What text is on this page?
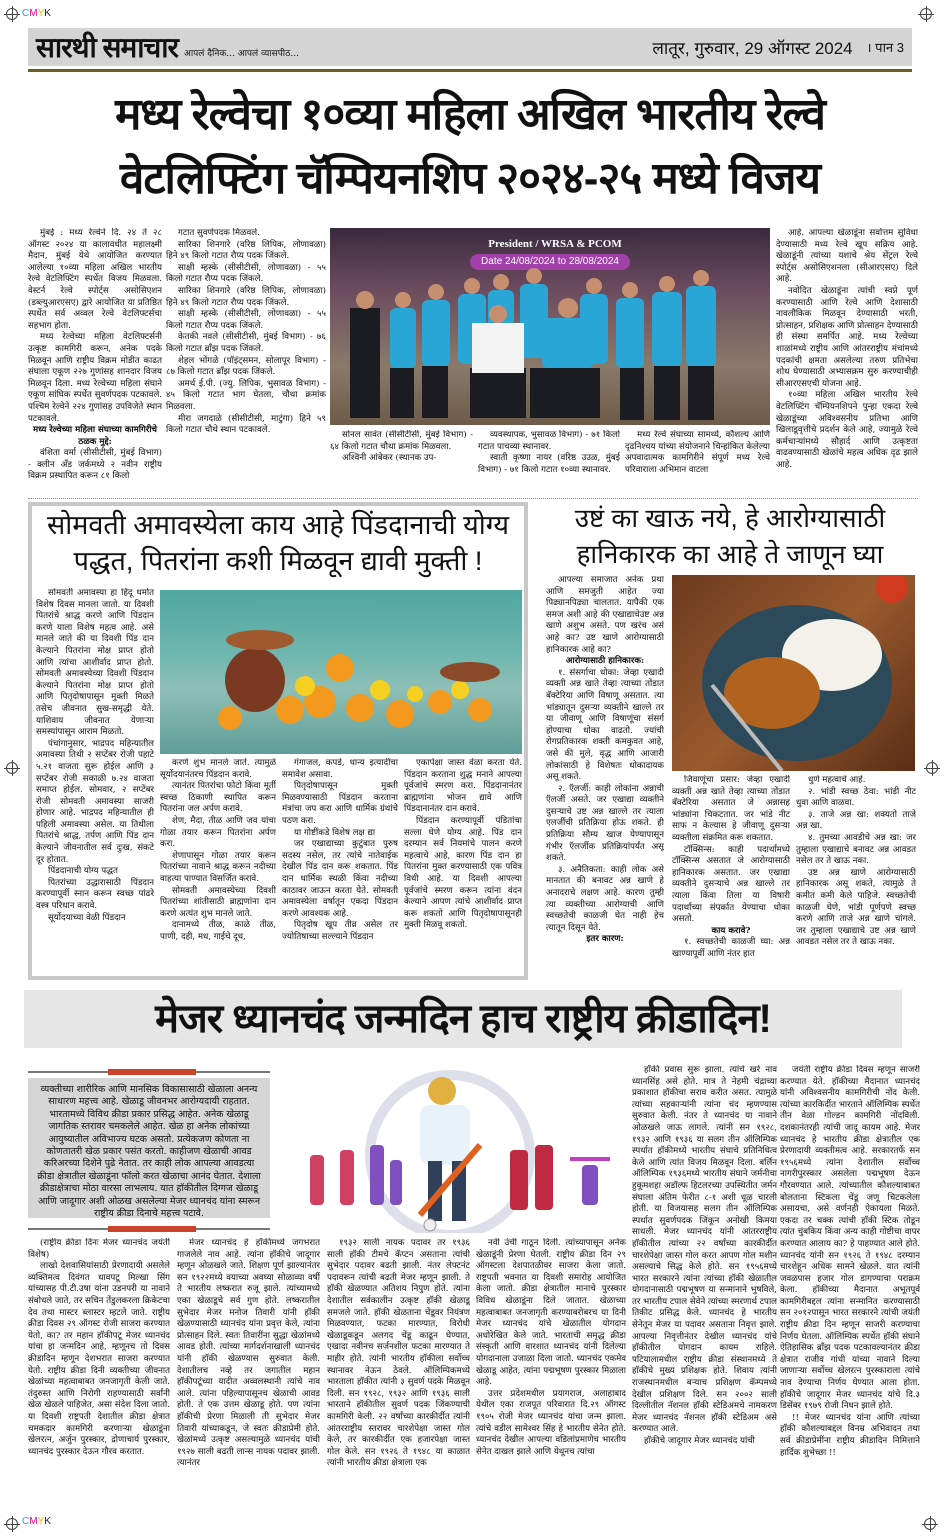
CMYK
CMYK
सारथी समाचार आपलं दैनिक... आपलं व्यासपीठ...	लातूर, गुरुवार, 29 ऑगस्ट 2024 । पान 3
मध्य रेल्वेचा १०व्या महिला अखिल भारतीय रेल्वे
वेटलिफ्टिंग चॅम्पियनशिप २०२४-२५ मध्ये विजय

मुंबई : मध्य रेल्वेने दि. २४ ते २८ ऑगस्ट २०२४ या कालावधीत महालक्ष्मी मैदान, मुंबई येथे आयोजित करण्यात आलेल्या १०व्या महिला अखिल भारतीय रेल्वे वेटलिफ्टिंग स्पर्धेत विजय मिळवला. वेस्टर्न रेल्वे स्पोर्ट्स असोसिएशन (डब्ल्युआरएसए) द्वारे आयोजित या प्रतिष्ठित स्पर्धेत सर्व अव्वल रेल्वे वेटलिफ्टर्सचा सहभाग होता.

मध्य रेल्वेच्या महिला वेटलिफ्टर्सनी उत्कृष्ट कामगिरी करून, अनेक पदके मिळवून आणि राष्ट्रीय विक्रम मोडीत काढत संघाला एकूण २२७ गुणांसह शानदार विजय मिळवून दिला. मध्य रेल्वेच्या महिला संघाने एकूण सांघिक स्पर्धेत सुवर्णपदक पटकावले. पश्चिम रेल्वेने २२४ गुणांसह उपविजेते स्थान पटकावले.

मध्य रेल्वेच्या महिला संघाच्या कामगिरीचे ठळक मुद्दे:

वंशिता वर्मा (सीसीटीसी, मुंबई विभाग) - क्लीन अँड जर्कमध्ये २ नवीन राष्ट्रीय विक्रम प्रस्थापित करून ८१ किलो

गटात सुवर्णपदक मिळवले.

सारिका शिनगारे (वरिष्ठ लिपिक, लोणावळा) हिने ४९ किलो गटात रौप्य पदक जिंकले.

साक्षी म्हस्के (सीसीटीसी, लोणावळा) - ५५ किलो गटात रौप्य पदक जिंकले.

सारिका शिनगारे (वरिष्ठ लिपिक, लोणावळा) हिने ४९ किलो गटात रौप्य पदक जिंकले.

साक्षी म्हस्के (सीसीटीसी, लोणावळा) - ५५ किलो गटात रौप्य पदक जिंकले.

केतकी नवले (सीसीटीसी, मुंबई विभाग) - ७६ किलो गटात ब्रॉंझ पदक जिंकले.

शेहल भोंगळे (पॉइंट्समन, सोलापूर विभाग) - ८७ किलो गटात ब्रॉंझ पदक जिंकले.

अमर्थ ई.पी. (ज्यु. लिपिक, भुसावळ विभाग) - ४५ किलो गटात भाग घेतला, चौथा क्रमांक मिळवला.

मीरा जगदाळे (सीसीटीसी, माटुंगा) हिने ५९ किलो गटात चौथे स्थान पटकावले.

President / WRSA & PCOM
Date 24/08/2024 to 28/08/2024

सोनल सावंत (सीसीटीसी, मुंबई विभाग) - ६४ किलो गटात चौथा क्रमांक मिळवला.

अश्विनी आंबेकर (स्थानक उप-

व्यवस्थापक, भुसावळ विभाग) - ७१ किलो गटात पाचव्या स्थानावर.

स्वाती कृष्णा नायर (वरिष्ठ उउळ, मुंबई विभाग) - ७१ किलो गटात १०व्या स्थानावर.

मध्य रेल्वे संघाच्या सामर्थ्य, कौशल्य आणि दृढनिश्चय यांच्या संयोजनाने चिन्हांकित केलेल्या अपवादात्मक कामगिरीने संपूर्ण मध्य रेल्वे परिवाराला अभिमान वाटला

आहे. आपल्या खेळाडूंना सर्वोत्तम सुविधा देण्यासाठी मध्य रेल्वे खूप सक्रिय आहे. खेळाडूंनी त्यांच्या यशाचे श्रेय सेंट्रल रेल्वे स्पोर्ट्स असोसिएशनला (सीआरएसए) दिले आहे.

नवोदित खेळाडूंना त्यांची स्वप्ने पूर्ण करण्यासाठी आणि रेल्वे आणि देशासाठी नावलौकिक मिळवून देण्यासाठी भरती, प्रोत्साहन, प्रशिक्षक आणि प्रोत्साहन देण्यासाठी ही संस्था समर्पित आहे. मध्य रेल्वेच्या शाळांमध्ये राष्ट्रीय आणि आंतरराष्ट्रीय मंचांमध्ये पदकांची क्षमता असलेल्या तरुण प्रतिभेचा शोध घेण्यासाठी अभ्यासक्रम सुरु करण्याचीही सीआरएसएची योजना आहे.

१०व्या महिला अखिल भारतीय रेल्वे वेटलिफ्टिंग चॅम्पियनशिपने पुन्हा एकदा रेल्वे खेळाडूंच्या अविश्वसनीय प्रतिभा आणि खिलाडूवृत्तीचे प्रदर्शन केले आहे, ज्यामुळे रेल्वे कर्मचाऱ्यांमध्ये सौहार्द आणि उत्कृष्टता वाढवण्यासाठी खेळांचे महत्व अधिक दृढ झाले आहे.

सोमवती अमावस्येला काय आहे पिंडदानाची योग्य
पद्धत, पितरांना कशी मिळवून द्यावी मुक्ती !

सोमवती अमावस्या हा हिंदू धर्मात विशेष दिवस मानला जातो. या दिवशी पितरांचे श्राद्ध करणे आणि पिंडदान करणे याला विशेष महत्व आहे. असे मानले जाते की या दिवशी पिंड दान केल्याने पितरांना मोक्ष प्राप्त होतो आणि त्यांचा आशीर्वाद प्राप्त होतो. सोमवती अमावस्येच्या दिवशी पिंडदान केल्याने पितरांना मोक्ष प्राप्त होतो आणि पितृदोषापासून मुक्ती मिळते तसेच जीवनात सुख-समृद्धी येते. याशिवाय जीवनात येणाऱ्या समस्यांपासून आराम मिळतो.

पंचांगानुसार, भाद्रपद महिन्यातील अमावस्या तिथी २ सप्टेंबर रोजी पहाटे ५.२१ वाजता सुरू होईल आणि ३ सप्टेंबर रोजी सकाळी ७.२४ वाजता समाप्त होईल. सोमवार, २ सप्टेंबर रोजी सोमवती अमावस्या साजरी होणार आहे. भाद्रपद महिन्यातील ही पहिली अमावस्या असेल. या तिथीला पितरांचे श्राद्ध, तर्पण आणि पिंड दान केल्याने जीवनातील सर्व दुःख, संकटे दूर होतात.

पिंडदानाची योग्य पद्धत

पितरांच्या उद्धारासाठी पिंडदान करण्यापूर्वी स्नान करून स्वच्छ पांढरे वस्त्र परिधान करावे.

सूर्योदयाच्या वेळी पिंडदान

करणे शुभ मानले जाते. त्यामुळे सूर्योदयानंतरच पिंडदान करावे.

त्यानंतर पितरांचा फोटो किंवा मूर्ती स्वच्छ ठिकाणी स्थापित करून पितरांना जल अर्पण करावे.

शेण, मैदा, तीळ आणि जव यांचा गोळा तयार करून पितरांना अर्पण करा.

शेणापासून गोळा तयार करून पितरांच्या नावाने श्राद्ध करून नदीच्या वाहत्या पाण्यात विसर्जित करावे.

सोमवती अमावस्येच्या दिवशी पितरांच्या शांतीसाठी ब्राह्मणांना दान करणे अत्यंत शुभ मानले जाते.

दानामध्ये तीळ, काळे तीळ, पाणी, दही, मध, गाईचे दूध,

गंगाजल, कपडे, धान्य इत्यादींचा समावेश असावा.

पितृदोषापासून मुक्ती मिळवण्यासाठी पिंडदान करताना मंत्रांचा जप करा आणि धार्मिक ग्रंथांचे पठण करा.

या गोष्टींकडे विशेष लक्ष द्या

जर एखाद्याच्या कुटुंबात पुरुष सदस्य नसेल, तर त्यांचे नातेवाईक देखील पिंड दान करू शकतात. पिंड दान धार्मिक स्थळी किंवा नदीच्या काठावर जाऊन करता येते. सोमवती अमावस्येला वर्षातून एकदा पिंडदान करणे आवश्यक आहे.

पितृदोष खूप तीव्र असेल तर ज्योतिषाच्या सल्ल्याने पिंडदान

एकापेक्षा जास्त वेळा करता येते. पिंडदान करताना शुद्ध मनाने आपल्या पूर्वजांचे स्मरण करा. पिंडदानानंतर ब्राह्मणांना भोजन द्यावे आणि पिंडदानानंतर दान करावे.

पिंडदान करण्यापूर्वी पंडितांचा सल्ला घेणे योग्य आहे. पिंड दान दरम्यान सर्व नियमांचे पालन करणे महत्वाचे आहे, कारण पिंड दान हा पितरांना मुक्त करण्यासाठी एक पवित्र विधी आहे. या दिवशी आपल्या पूर्वजांचे स्मरण करून त्यांना वंदन केल्याने आपण त्यांचे आशीर्वाद प्राप्त करू शकतो आणि पितृदोषापासूनही मुक्ती मिळवू शकतो.

उष्टं का खाऊ नये, हे आरोग्यासाठी
हानिकारक का आहे ते जाणून घ्या

आपल्या समाजात अनेक प्रथा आणि समजुती आहेत ज्या पिढ्यानपिढ्या चालतात. यापैकी एक समज अशी आहे की एखाद्याचेउष्ट अन्न खाणे अशुभ असते. पण खरंच असं आहे का? उष्ट खाणे आरोग्यासाठी हानिकारक आहे का?

आरोग्यासाठी हानिकारक:

१. संसर्गाचा धोका: जेव्हा एखादी व्यक्ती अन्न खाते तेव्हा त्याच्या तोंडात बॅक्टेरिया आणि विषाणू असतात. त्या भांड्यातून दुसऱ्या व्यक्तीने खाल्ले तर या जीवाणू आणि विषाणूंचा संसर्ग होण्याचा धोका वाढतो. ज्यांची रोगप्रतिकारक शक्ती कमकुवत आहे, जसे की मुले, वृद्ध आणि आजारी लोकांसाठी हे विशेषतः धोकादायक असू शकते.

२. ऍलर्जी: काही लोकांना अन्नाची ऍलर्जी असते. जर एखाद्या व्यक्तीने दुसऱ्याचे उष्ट अन्न खाल्ले तर त्याला एलर्जीची प्रतिक्रिया होऊ शकते. ही प्रतिक्रिया सौम्य खाज येण्यापासून गंभीर ऍलर्जीक प्रतिक्रियांपर्यंत असू शकते.

३. अनैतिकता: काही लोक असे मानतात की बनावट अन्न खाणे हे अनादराचे लक्षण आहे. कारण तुम्ही त्या व्यक्तीच्या आरोग्याची आणि स्वच्छतेची काळजी घेत नाही हेच त्यातून दिसून येते.

इतर कारण:

जिवाणूंचा प्रसार: जेव्हा एखादी व्यक्ती अन्न खाते तेव्हा त्याच्या तोंडात बॅक्टेरिया असतात जे अन्नासह भांड्यांना चिकटतात. जर भांडे नीट साफ न केल्यास हे जीवाणू दुसऱ्या व्यक्तीला संक्रमित करू शकतात.

टॉक्सिन्स: काही पदार्थांमध्ये टॉक्सिन्स असतात जे आरोग्यासाठी हानिकारक असतात. जर एखाद्या व्यक्तीने दुसऱ्याचे अन्न खाल्ले तर त्याला किंवा तिला या विषारी पदार्थांच्या संपर्कात येण्याचा धोका असतो.

काय करावे?

१. स्वच्छतेची काळजी घ्या: अन्न खाण्यापूर्वी आणि नंतर हात

धुणे महत्वाचे आहे.

२. भांडी स्वच्छ ठेवा: भांडी नीट धुवा आणि वाळवा.

३. ताजे अन्न खा: शक्यतो ताजे अन्न खा.

४. तुमच्या आवडीचे अन्न खा: जर तुम्हाला एखाद्याचे बनावट अन्न आवडत नसेल तर ते खाऊ नका.

उष्ट अन्न खाणे आरोग्यासाठी हानिकारक असू शकते, त्यामुळे ते कमीत कमी केले पाहिजे. स्वच्छतेची काळजी घेणे, भांडी पूर्णपणे स्वच्छ करणे आणि ताजे अन्न खाणे चांगले. जर तुम्हाला एखाद्याचे उष्ट अन्न खाणे आवडत नसेल तर ते खाऊ नका.

मेजर ध्यानचंद जन्मदिन हाच राष्ट्रीय क्रीडादिन!
व्यक्तीच्या शारीरिक आणि मानसिक विकासासाठी खेळाला अनन्य साधारण महत्त्व आहे. खेळाडू जीवनभर आरोग्यदायी राहतात. भारतामध्ये विविध क्रीडा प्रकार प्रसिद्ध आहेत. अनेक खेळाडू जागतिक स्तरावर चमकलेले आहेत. खेळ हा अनेक लोकांच्या आयुष्यातील अविभाज्य घटक असतो. प्रत्येकजण कोणता ना कोणतातरी खेळ प्रकार पसंत करतो. काहीजण खेळाची आवड करिअरच्या दिशेने पुढे नेतात. तर काही लोक आपल्या आवडत्या क्रीडा क्षेत्रातील खेळाडूंना फॉलो करत खेळाचा आनंद घेतात. देशाला क्रीडाक्षेत्राचा मोठा वारसा लाभलाय. यात हॉकीतील दिग्गज खेळाडू आणि जादूगार अशी ओळख असलेल्या मेजर ध्यानचंद यांना स्मरून राष्ट्रीय क्रीडा दिनाचे महत्त्व पटावे.

हॉकी प्रवास सुरू झाला. त्यांचे खरे नाव ध्यानसिंह असे होते. मात्र ते नेहमी चंद्राच्या प्रकाशात हॉकीचा सराव करीत असत. त्यामुळे त्यांच्या सहकाऱ्यांनी त्यांना चंद म्हणण्यास सुरुवात केली. नंतर ते ध्यानचंद या नावाने ओळखले जाऊ लागले. त्यांनी सन १९२८, १९३२ आणि १९३६ या सलग तीन ऑलिम्पिक स्पर्धात हॉकीमध्ये भारतीय संघाचे प्रतिनिधित्व केले आणि त्यांत विजय मिळवून दिला. बर्लिन ऑलिम्पिक १९३६मध्ये भारतीय संघाने जर्मनीचा हुकूमशहा अडॉल्फ हिटलरच्या उपस्थितीत जर्मन संघाला अंतिम फेरीत ८-१ अशी धूळ चारली होती. या विजयासह सलग तीन ऑलिम्पिक स्पर्धात सुवर्णपदक जिंकून अनोखी किमया साधली. मेजर ध्यानचंद यांनी आंतरराष्ट्रीय हॉकीतील त्यांच्या २२ वर्षांच्या कारकीर्दीत चारशेपेक्षा जास्त गोल करत आपण गोल मशीन असल्याचे सिद्ध केले होते. सन १९५६मध्ये भारत सरकारने त्यांना त्यांच्या हॉकी खेळातील योगदानासाठी पद्मभूषण या सन्मानाने भुषविले, तर भारतीय टपाल सेवेने त्यांच्या स्मरणार्थ टपाल तिकीट प्रसिद्ध केले. ध्यानचंद हे भारतीय सेनेतून मेजर या पदावर असताना निवृत्त झाले. आपल्या निवृत्तीनंतर देखील ध्यानचंद यांचे हॉकीतील योगदान कायम राहिले. पटियालामधील राष्ट्रीय क्रीडा संस्थानमध्ये ते हॉकीचे मुख्य प्रशिक्षक होते. शिवाय त्यांनी राजस्थानमधील बऱ्याच प्रशिक्षण कॅम्पमध्ये देखील प्रशिक्षण दिले. सन २००२ साली दिल्लीतील नॅशनल हॉकी स्टेडिअमचे नामकरण मेजर ध्यानचंद नॅशनल हॉकी स्टेडिअम असे करण्यात आले.

हॉकीचे जादूगार मेजर ध्यानचंद यांची

जयंती राष्ट्रीय क्रीडा दिवस म्हणून साजरी करण्यात येते. हॉकीच्या मैदानात ध्यानचंद यांनी अविश्वसनीय कामगिरीची नोंद केली. त्यांच्या कारकिर्दीत भारताने ऑलिम्पिक स्पर्धेत तीन वेळा गोल्डन कामगिरी नोंदविली. दशकानंतरही त्यांची जादू कायम आहे. मेजर ध्यानचंद हे भारतीय क्रीडा क्षेत्रातील एक प्रेरणादायी व्यक्तीमत्व आहे. सरकारतर्फे सन १९५६मध्ये त्यांना देशातील सर्वोच्च नागरीपुरस्कार असलेला पद्मभूषण देऊन गौरवण्यात आले. त्यांच्यातील कौशल्याबाबत बोलताना स्टिकला चेंडू जणू चिटकलेला असायचा, असे वर्णनही ऐकायला मिळते. एकदा तर चक्क त्यांची हॉकी स्टिक तोडून त्यांत चुंबकिय किंवा अन्य काही गोष्टीचा वापर करण्यात आलाय का? हे पाहण्यात आले होते. ध्यानचंद यांनी सन १९२६ ते १९४८ दरम्यान चारशेहून अधिक सामने खेळले. यात त्यांनी जवळपास हजार गोल डागण्याचा पराक्रम केला. हॉकीच्या मैदानात अभूतपूर्व कामगिरीबद्दल त्यांना सन्मानित करण्यासाठी सन २०१२पासून भारत सरकारने त्यांची जयंती राष्ट्रीय क्रीडा दिन म्हणून साजरी करण्याचा निर्णय घेतला. ऑलिम्पिक स्पर्धेत हॉकी संघाने ऐतिहासिक ब्रॉंझ पदक पटकावल्यानंतर क्रीडा क्षेत्रात राजीव गांधी यांच्या नावाने दिल्या जाणाऱ्या सर्वोच्च खेलरत्न पुरस्काराला त्यांचे नाव देण्याचा निर्णय घेण्यात आला होता. हॉकीचे जादूगार मेजर ध्यानचंद यांचे दि.३ डिसेंबर १९७९ रोजी निधन झाले होते.

!! मेजर ध्यानचंद यांना आणि त्यांच्या हॉकी कौशल्याबद्दल विनम्र अभिवादन तथा सर्व क्रीडाप्रेमींना राष्ट्रीय क्रीडादिन निमित्ताने हार्दिक शुभेच्छा !!

(राष्ट्रीय क्रीडा दिनः मेजर ध्यानचंद जयंती विशेष)

लाखो देशवासियांसाठी प्रेरणादायी असलेले व्यक्तिमत्व दिवंगत धावपटू मिल्खा सिंग यांच्यासह पी.टी.उषा यांना उडनपरी या नावाने संबोधले जाते, तर सचिन तेंडुलकरला क्रिकेटचा देव तथा मास्टर ब्लास्टर म्हटले जाते. राष्ट्रीय क्रीडा दिवस २९ ऑगस्ट रोजी साजरा करण्यात येतो, का? तर महान हॉकीपटू मेजर ध्यानचंद यांचा हा जन्मदिन आहे, म्हणूनच तो दिवस क्रीडादिन म्हणून देशभरात साजरा करण्यात येतो. राष्ट्रीय क्रीडा दिनी व्यक्तीच्या जीवनात खेळांच्या महत्वाबाबत जनजागृती केली जाते. तंदुरुस्त आणि निरोगी राहण्यासाठी सर्वांनी खेळ खेळले पाहिजेत, असा संदेश दिला जातो. या दिवशी राष्ट्रपती देशातील क्रीडा क्षेत्रात चमकदार कामगिरी करणाऱ्या खेळाडूंना खेलरत्न, अर्जुन पुरस्कार, द्रोणाचार्य पुरस्कार, ध्यानचंद पुरस्कार देऊन गौरव करतात.

मेजर ध्यानचंद हे हॉकीमध्ये जगभरात गाजलेले नाव आहे. त्यांना हॉकीचे जादूगार म्हणून ओळखले जाते. शिक्षण पूर्ण झाल्यानंतर सन १९२२मध्ये वयाच्या अवघ्या सोळाव्या वर्षी ते भारतीय लष्करात रुजू झाले. त्यांच्यामध्ये एका खेळाडूचे सर्व गुण होते. लष्करातील सुभेदार मेजर मनोज तिवारी यांनी हॉकी खेळण्यासाठी ध्यानचंद यांना प्रवृत्त केले, त्यांना प्रोत्साहन दिले. स्वतः तिवारींना सुद्धा खेळांमध्ये आवड होती. त्यांच्या मार्गदर्शनाखाली ध्यानचंद यांनी हॉकी खेळण्यास सुरुवात केली. देशातीलच नव्हे तर जगातील महान हॉकीपटूंच्या यादीत अव्वलस्थानी त्यांचे नाव आले. त्यांना पहिल्यापासूनच खेळाची आवड होती. ते एक उत्तम खेळाडू होते. पण त्यांना हॉकीची प्रेरणा मिळाली ती सुभेदार मेजर तिवारी यांच्याकडून, जे स्वतः क्रीडाप्रेमी होते. खेळांमध्ये उत्कृष्ट असल्यामुळे ध्यानचंद यांची १९२७ साली बढती लान्स नायक पदावर झाली. त्यानंतर

१९३२ साली नायक पदावर तर १९३६ साली हॉकी टीमचे कॅप्टन असताना त्यांची सुभेदार पदावर बढती झाली. नंतर लेफ्टनंट पदावरून त्यांची बढती मेजर म्हणून झाली. ते हॉकी खेळण्यात अतिशय निपुण होते. त्यांना देशातील सर्वकालीन उत्कृष्ट हॉकी खेळाडू समजले जाते. हॉकी खेळताना चेंडूवर नियंत्रण मिळवण्यात, फटका मारण्यात, विरोधी खेळाडूकडून अलगद चेंडू काढून घेण्यात, एखादा नवीनच सर्जनशील फटका मारण्यात ते माहीर होते. त्यांनी भारतीय हॉकीला सर्वोच्च स्थानावर नेऊन ठेवले. ऑलिम्पिकमध्ये भारताला हॉकीत त्यांनी ३ सुवर्ण पदके मिळवून दिली. सन १९२८, १९३२ आणि १९३६ साली भारताने हॉकीतील सुवर्ण पदक जिंकण्याची कामगिरी केली. २२ वर्षांच्या कारकीर्दीत त्यांनी आंतरराष्ट्रीय स्तरावर चारशेपेक्षा जास्त गोल केले, तर कारकीर्दीत एक हजारपेक्षा जास्त गोल केले. सन १९२६ ते १९४८ या काळात त्यांनी भारतीय क्रीडा क्षेत्राला एक

नवी उंची गाठून दिली. त्यांच्यापासून अनेक खेळाडूंनी प्रेरणा घेतली. राष्ट्रीय क्रीडा दिन २९ ऑगस्टला देशपातळीवर साजरा केला जातो. राष्ट्रपती भवनात या दिवशी समारोह आयोजित केला जातो. क्रीडा क्षेत्रातील मानाचे पुरस्कार विविध खेळाडूंना दिले जातात. खेळाच्या महत्वाबाबत जनजागृती करण्याबरोबरच या दिनी मेजर ध्यानचंद यांचे खेळातील योगदान अधोरेखित केले जाते. भारताची समृद्ध क्रीडा संस्कृती आणि वारशात ध्यानचंद यांनी दिलेल्या योगदानाला उजाळा दिला जातो. ध्यानचंद एकमेव खेळाडू आहेत, त्यांना पद्मभूषण पुरस्कार मिळाला आहे.

उत्तर प्रदेशमधील प्रयागराज, अलाहाबाद येथील एका राजपूत परिवारात दि.२९ ऑगस्ट १९०५ रोजी मेजर ध्यानचंद यांचा जन्म झाला. त्यांचे वडील सामेश्वर सिंह हे भारतीय सेनेत होते. ध्यानचंद देखील आपल्या वडिलांप्रमाणेच भारतीय सेनेत दाखल झाले आणि येथूनच त्यांचा
